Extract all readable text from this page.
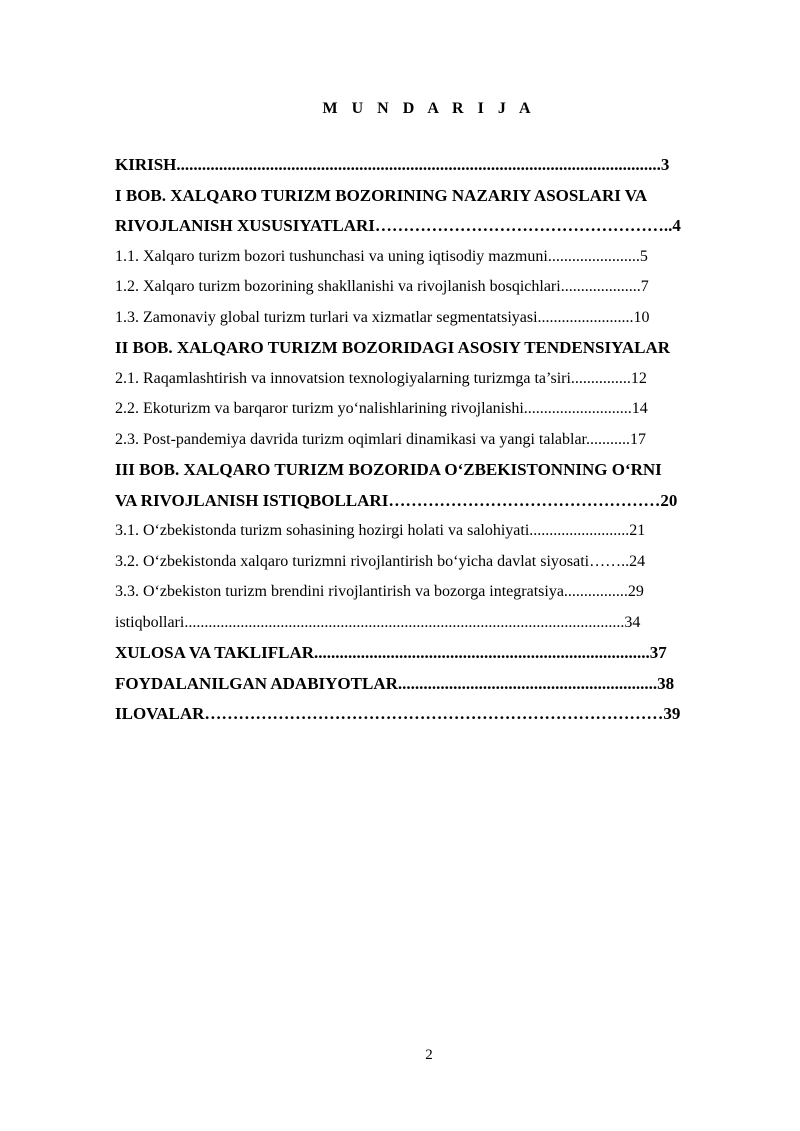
M U N D A R I J A
KIRISH..................................................................................................................3
I BOB. XALQARO TURIZM BOZORINING NAZARIY ASOSLARI VA
RIVOJLANISH XUSUSIYATLARI……………………………………………..4
1.1. Xalqaro turizm bozori tushunchasi va uning iqtisodiy mazmuni.......................5
1.2. Xalqaro turizm bozorining shakllanishi va rivojlanish bosqichlari....................7
1.3. Zamonaviy global turizm turlari va xizmatlar segmentatsiyasi........................10
II BOB. XALQARO TURIZM BOZORIDAGI ASOSIY TENDENSIYALAR
2.1. Raqamlashtirish va innovatsion texnologiyalarning turizmga ta’siri...............12
2.2. Ekoturizm va barqaror turizm yo‘nalishlarining rivojlanishi...........................14
2.3. Post-pandemiya davrida turizm oqimlari dinamikasi va yangi talablar...........17
III BOB. XALQARO TURIZM BOZORIDA O‘ZBEKISTONNING O‘RNI
VA RIVOJLANISH ISTIQBOLLARI…………………………………………20
3.1. O‘zbekistonda turizm sohasining hozirgi holati va salohiyati.........................21
3.2. O‘zbekistonda xalqaro turizmni rivojlantirish bo‘yicha davlat siyosati……..24
3.3. O‘zbekiston turizm brendini rivojlantirish va bozorga integratsiya................29
istiqbollari..............................................................................................................34
XULOSA VA TAKLIFLAR...............................................................................37
FOYDALANILGAN ADABIYOTLAR.............................................................38
ILOVALAR………………………………………………………………………39
2
